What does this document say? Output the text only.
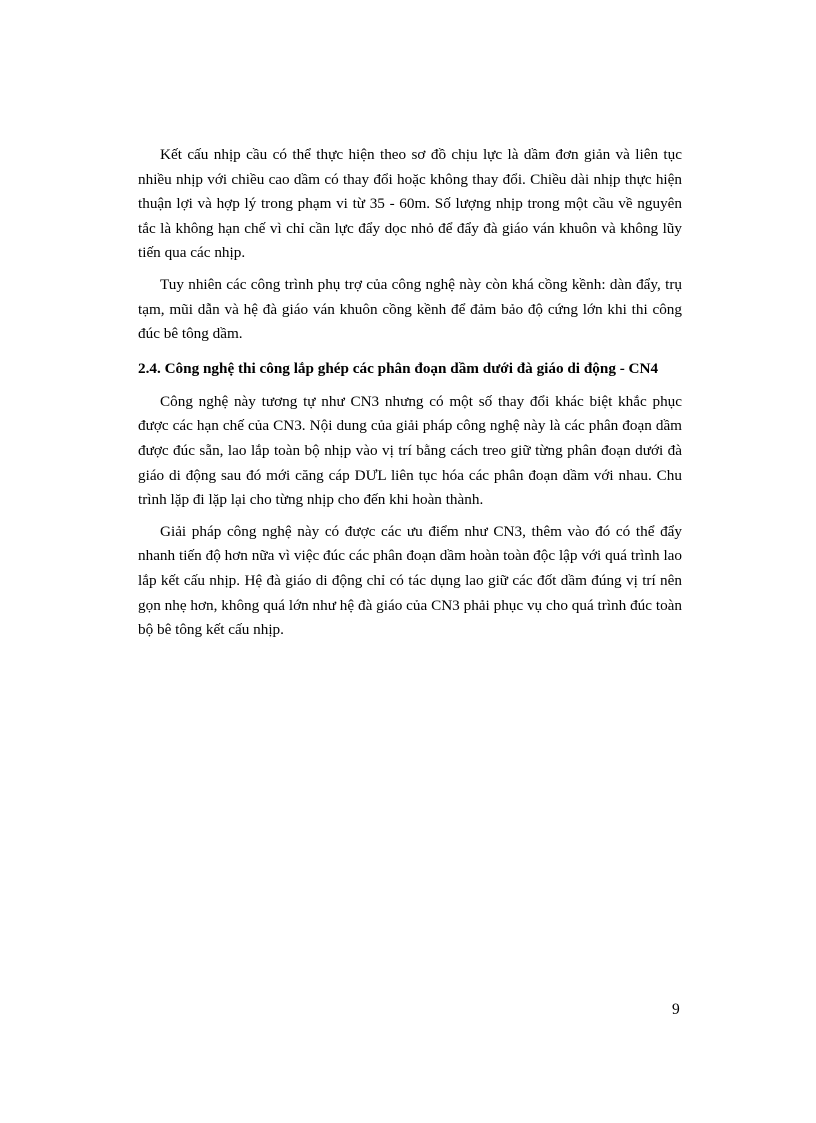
Kết cấu nhịp cầu có thể thực hiện theo sơ đồ chịu lực là dầm đơn giản và liên tục nhiều nhịp với chiều cao dầm có thay đổi hoặc không thay đổi. Chiều dài nhịp thực hiện thuận lợi và hợp lý trong phạm vi từ 35 - 60m. Số lượng nhịp trong một cầu về nguyên tắc là không hạn chế vì chỉ cần lực đẩy dọc nhỏ để đẩy đà giáo ván khuôn và không lũy tiến qua các nhịp.

Tuy nhiên các công trình phụ trợ của công nghệ này còn khá cồng kềnh: dàn đẩy, trụ tạm, mũi dẫn và hệ đà giáo ván khuôn cồng kềnh để đảm bảo độ cứng lớn khi thi công đúc bê tông dầm.

2.4. Công nghệ thi công lắp ghép các phân đoạn dầm dưới đà giáo di động - CN4

Công nghệ này tương tự như CN3 nhưng có một số thay đổi khác biệt khắc phục được các hạn chế của CN3. Nội dung của giải pháp công nghệ này là các phân đoạn dầm được đúc sẵn, lao lắp toàn bộ nhịp vào vị trí bằng cách treo giữ từng phân đoạn dưới đà giáo di động sau đó mới căng cáp DƯL liên tục hóa các phân đoạn dầm với nhau. Chu trình lặp đi lặp lại cho từng nhịp cho đến khi hoàn thành.

Giải pháp công nghệ này có được các ưu điểm như CN3, thêm vào đó có thể đẩy nhanh tiến độ hơn nữa vì việc đúc các phân đoạn dầm hoàn toàn độc lập với quá trình lao lắp kết cấu nhịp. Hệ đà giáo di động chỉ có tác dụng lao giữ các đốt dầm đúng vị trí nên gọn nhẹ hơn, không quá lớn như hệ đà giáo của CN3 phải phục vụ cho quá trình đúc toàn bộ bê tông kết cấu nhịp.

9
